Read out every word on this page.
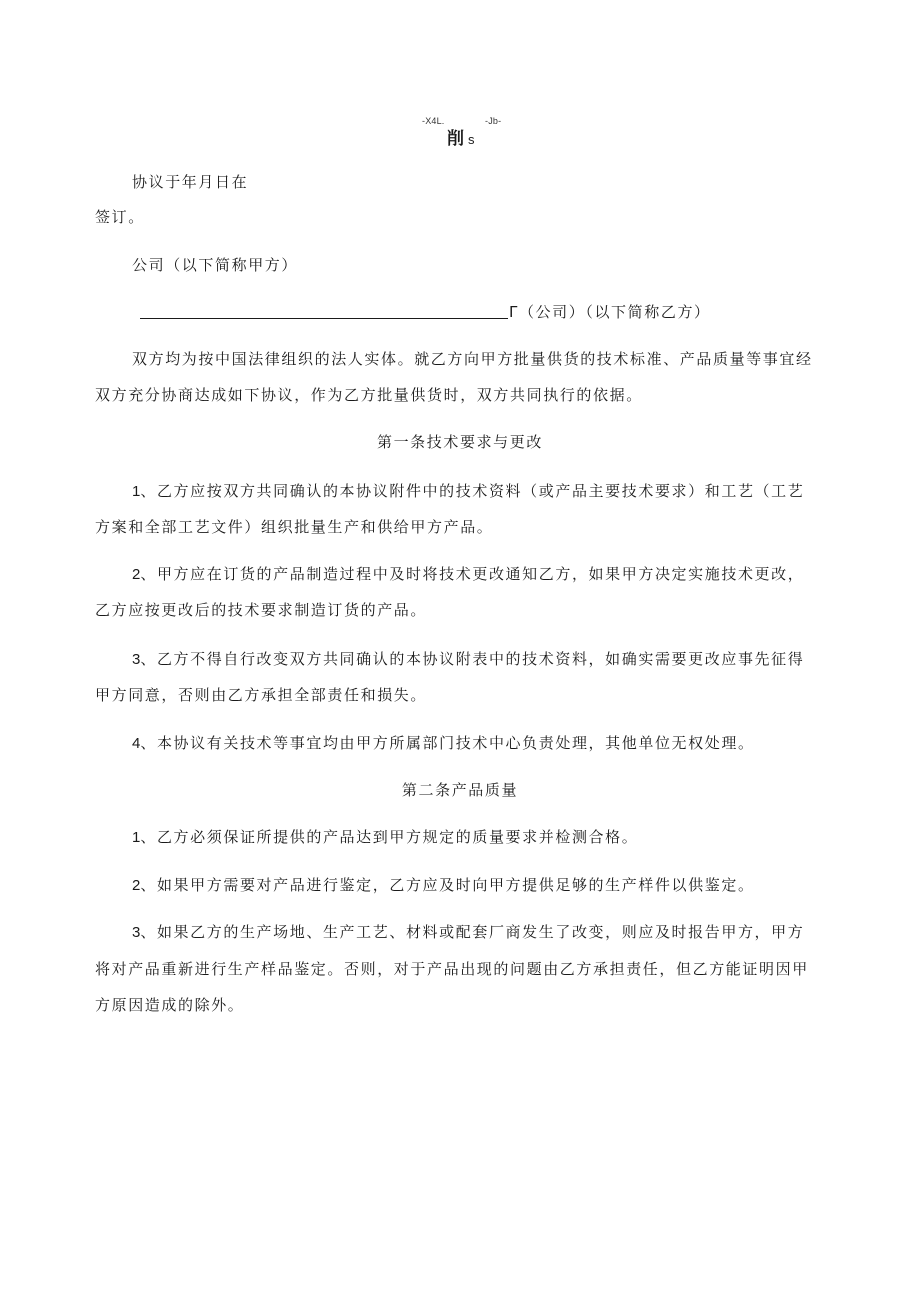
-X4L.	-Jb-
削 s
协议于年月日在
签订。
公司（以下简称甲方）
Γ（公司）（以下简称乙方）
双方均为按中国法律组织的法人实体。就乙方向甲方批量供货的技术标准、产品质量等事宜经
双方充分协商达成如下协议，作为乙方批量供货时，双方共同执行的依据。
第一条技术要求与更改
1、乙方应按双方共同确认的本协议附件中的技术资料（或产品主要技术要求）和工艺（工艺
方案和全部工艺文件）组织批量生产和供给甲方产品。
2、甲方应在订货的产品制造过程中及时将技术更改通知乙方，如果甲方决定实施技术更改，
乙方应按更改后的技术要求制造订货的产品。
3、乙方不得自行改变双方共同确认的本协议附表中的技术资料，如确实需要更改应事先征得
甲方同意，否则由乙方承担全部责任和损失。
4、本协议有关技术等事宜均由甲方所属部门技术中心负责处理，其他单位无权处理。
第二条产品质量
1、乙方必须保证所提供的产品达到甲方规定的质量要求并检测合格。
2、如果甲方需要对产品进行鉴定，乙方应及时向甲方提供足够的生产样件以供鉴定。
3、如果乙方的生产场地、生产工艺、材料或配套厂商发生了改变，则应及时报告甲方，甲方
将对产品重新进行生产样品鉴定。否则，对于产品出现的问题由乙方承担责任，但乙方能证明因甲
方原因造成的除外。
